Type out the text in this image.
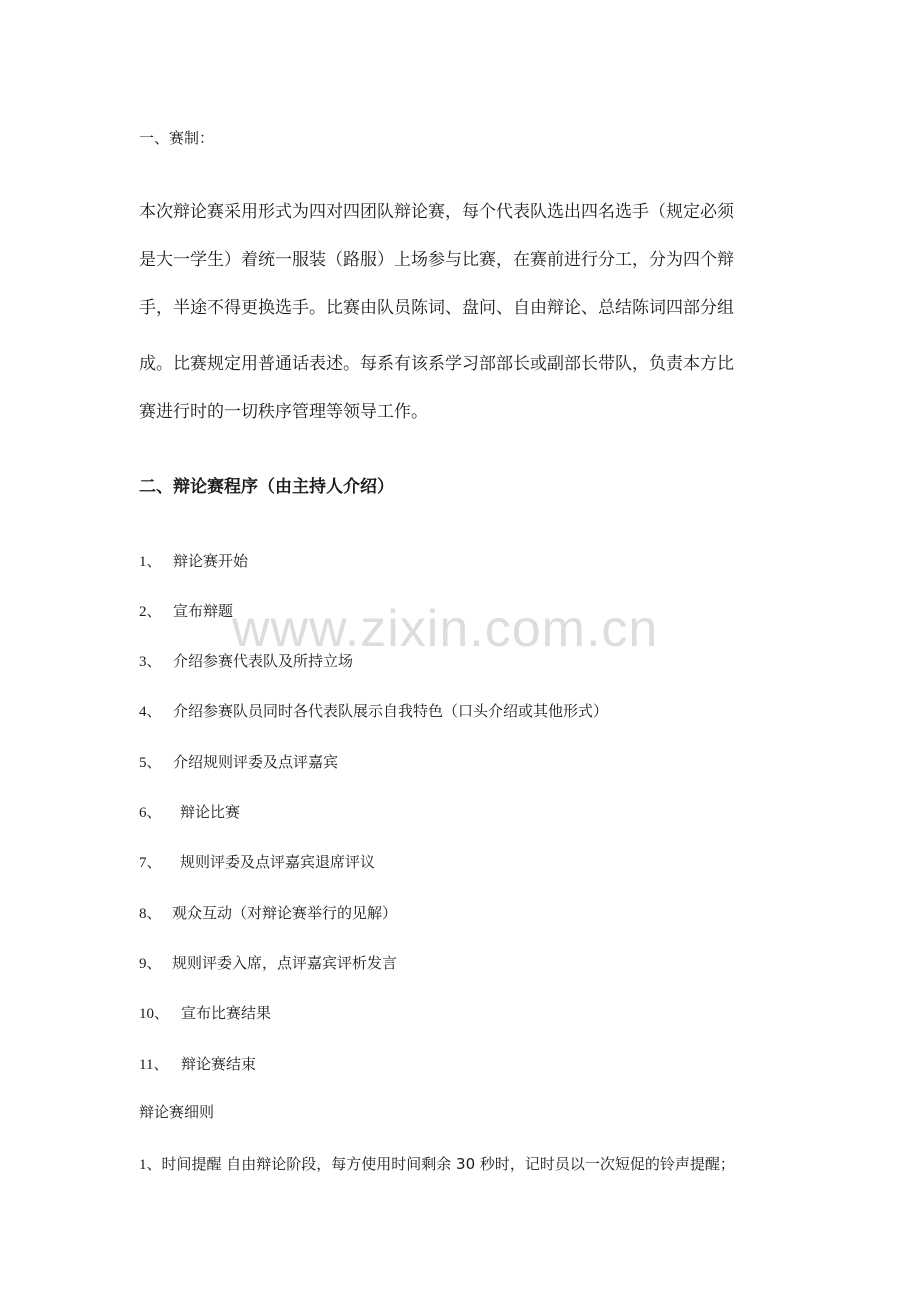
一、赛制：
本次辩论赛采用形式为四对四团队辩论赛，每个代表队选出四名选手（规定必须
是大一学生）着统一服装（路服）上场参与比赛，在赛前进行分工，分为四个辩
手，半途不得更换选手。比赛由队员陈词、盘问、自由辩论、总结陈词四部分组
成。比赛规定用普通话表述。每系有该系学习部部长或副部长带队，负责本方比
赛进行时的一切秩序管理等领导工作。
二、辩论赛程序（由主持人介绍）
1、 辩论赛开始
2、 宣布辩题
3、 介绍参赛代表队及所持立场
4、 介绍参赛队员同时各代表队展示自我特色（口头介绍或其他形式）
5、 介绍规则评委及点评嘉宾
6、 辩论比赛
7、 规则评委及点评嘉宾退席评议
8、 观众互动（对辩论赛举行的见解）
9、 规则评委入席，点评嘉宾评析发言
10、 宣布比赛结果
11、 辩论赛结束
辩论赛细则
1、时间提醒 自由辩论阶段，每方使用时间剩余 30 秒时，记时员以一次短促的铃声提醒；
www.zixin.com.cn
